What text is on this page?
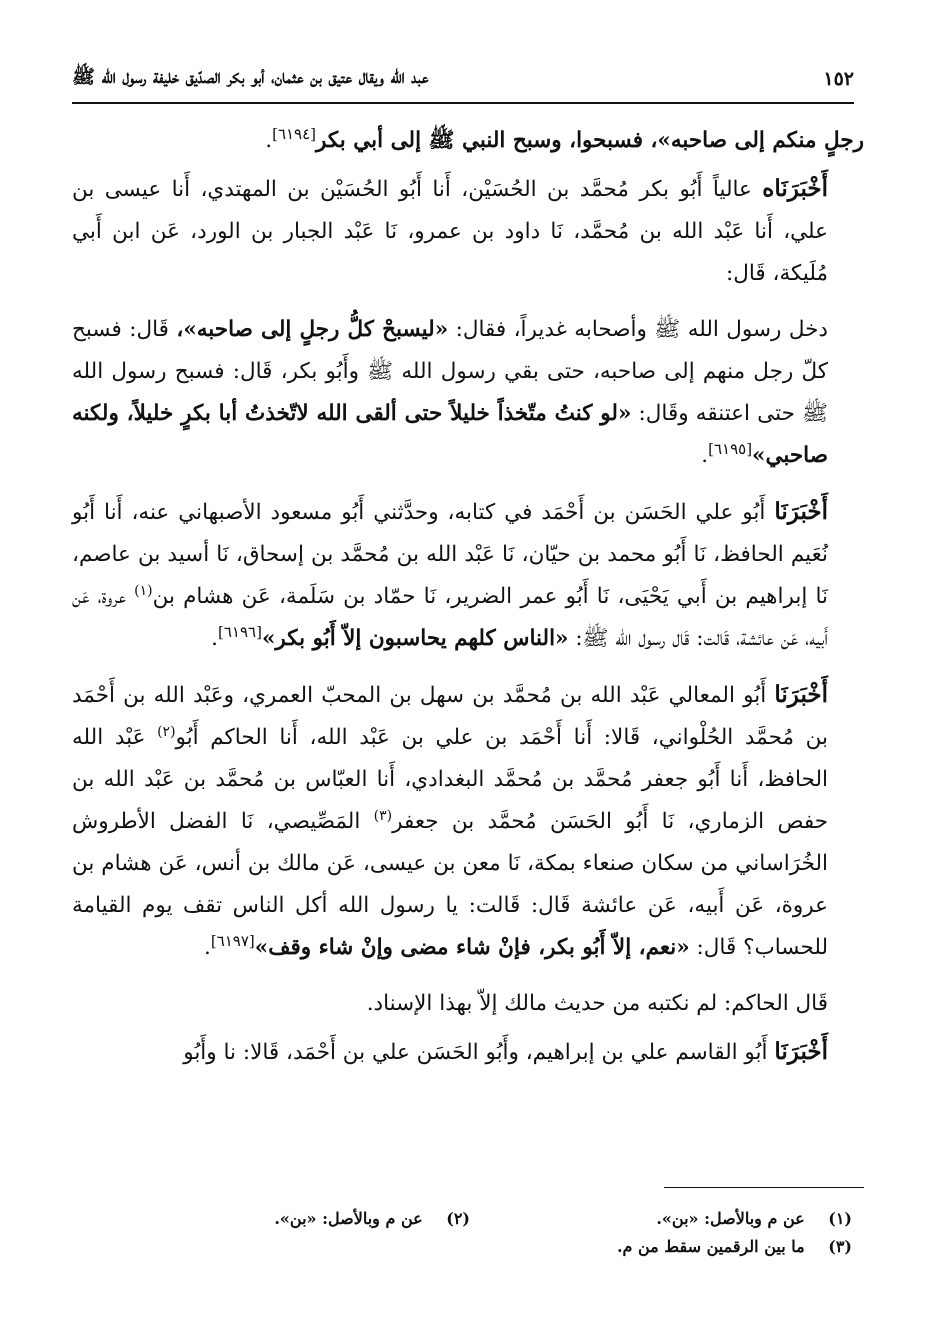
١٥٢
عبد الله ويقال عتيق بن عثمان، أبو بكر الصدّيق خليفة رسول الله ﷺ

رجلٍ منكم إلى صاحبه»، فسبحوا، وسبح النبي ﷺ إلى أبي بكر[٦١٩٤].

أَخْبَرَنَاه عالياً أَبُو بكر مُحمَّد بن الحُسَيْن، أَنا أَبُو الحُسَيْن بن المهتدي، أَنا عيسى بن علي، أَنا عَبْد الله بن مُحمَّد، نَا داود بن عمرو، نَا عَبْد الجبار بن الورد، عَن ابن أَبي مُلَيكة، قَال:

دخل رسول الله ﷺ وأصحابه غديراً، فقال: «ليسبحْ كلُّ رجلٍ إلى صاحبه»، قَال: فسبح كلّ رجل منهم إلى صاحبه، حتى بقي رسول الله ﷺ وأَبُو بكر، قَال: فسبح رسول الله ﷺ حتى اعتنقه وقَال: «لو كنتُ متّخذاً خليلاً حتى ألقى الله لاتّخذتُ أبا بكرٍ خليلاً، ولكنه صاحبي»[٦١٩٥].

أَخْبَرَنَا أَبُو علي الحَسَن بن أَحْمَد في كتابه، وحدَّثني أَبُو مسعود الأصبهاني عنه، أَنا أَبُو نُعَيم الحافظ، نَا أَبُو محمد بن حيّان، نَا عَبْد الله بن مُحمَّد بن إسحاق، نَا أسيد بن عاصم، نَا إبراهيم بن أَبي يَحْيَى، نَا أَبُو عمر الضرير، نَا حمّاد بن سَلَمة، عَن هشام بن$^{(١)}$ عروة، عَن أَبيه، عَن عائشة، قَالت: قَال رسول الله ﷺ: «الناس كلهم يحاسبون إلاّ أَبُو بكر»[٦١٩٦].

أَخْبَرَنَا أَبُو المعالي عَبْد الله بن مُحمَّد بن سهل بن المحبّ العمري، وعَبْد الله بن أَحْمَد بن مُحمَّد الحُلْواني، قَالا: أَنا أَحْمَد بن علي بن عَبْد الله، أَنا الحاكم أَبُو$^{(٢)}$ عَبْد الله الحافظ، أَنا أَبُو جعفر مُحمَّد بن مُحمَّد البغدادي، أَنا العبّاس بن مُحمَّد بن عَبْد الله بن حفص الزماري، نَا أَبُو الحَسَن مُحمَّد بن جعفر$^{(٣)}$ المَصِّيصي، نَا الفضل الأطروش الخُرَاساني من سكان صنعاء بمكة، نَا معن بن عيسى، عَن مالك بن أنس، عَن هشام بن عروة، عَن أَبيه، عَن عائشة قَال: قَالت: يا رسول الله أكل الناس تقف يوم القيامة للحساب؟ قَال: «نعم، إلاّ أَبُو بكر، فإنْ شاء مضى وإنْ شاء وقف»[٦١٩٧].

قَال الحاكم: لم نكتبه من حديث مالك إلاّ بهذا الإسناد.

أَخْبَرَنَا أَبُو القاسم علي بن إبراهيم، وأَبُو الحَسَن علي بن أَحْمَد، قَالا: نا وأَبُو

(١) عن م وبالأصل: «بن».
(٢) عن م وبالأصل: «بن».
(٣) ما بين الرقمين سقط من م.
